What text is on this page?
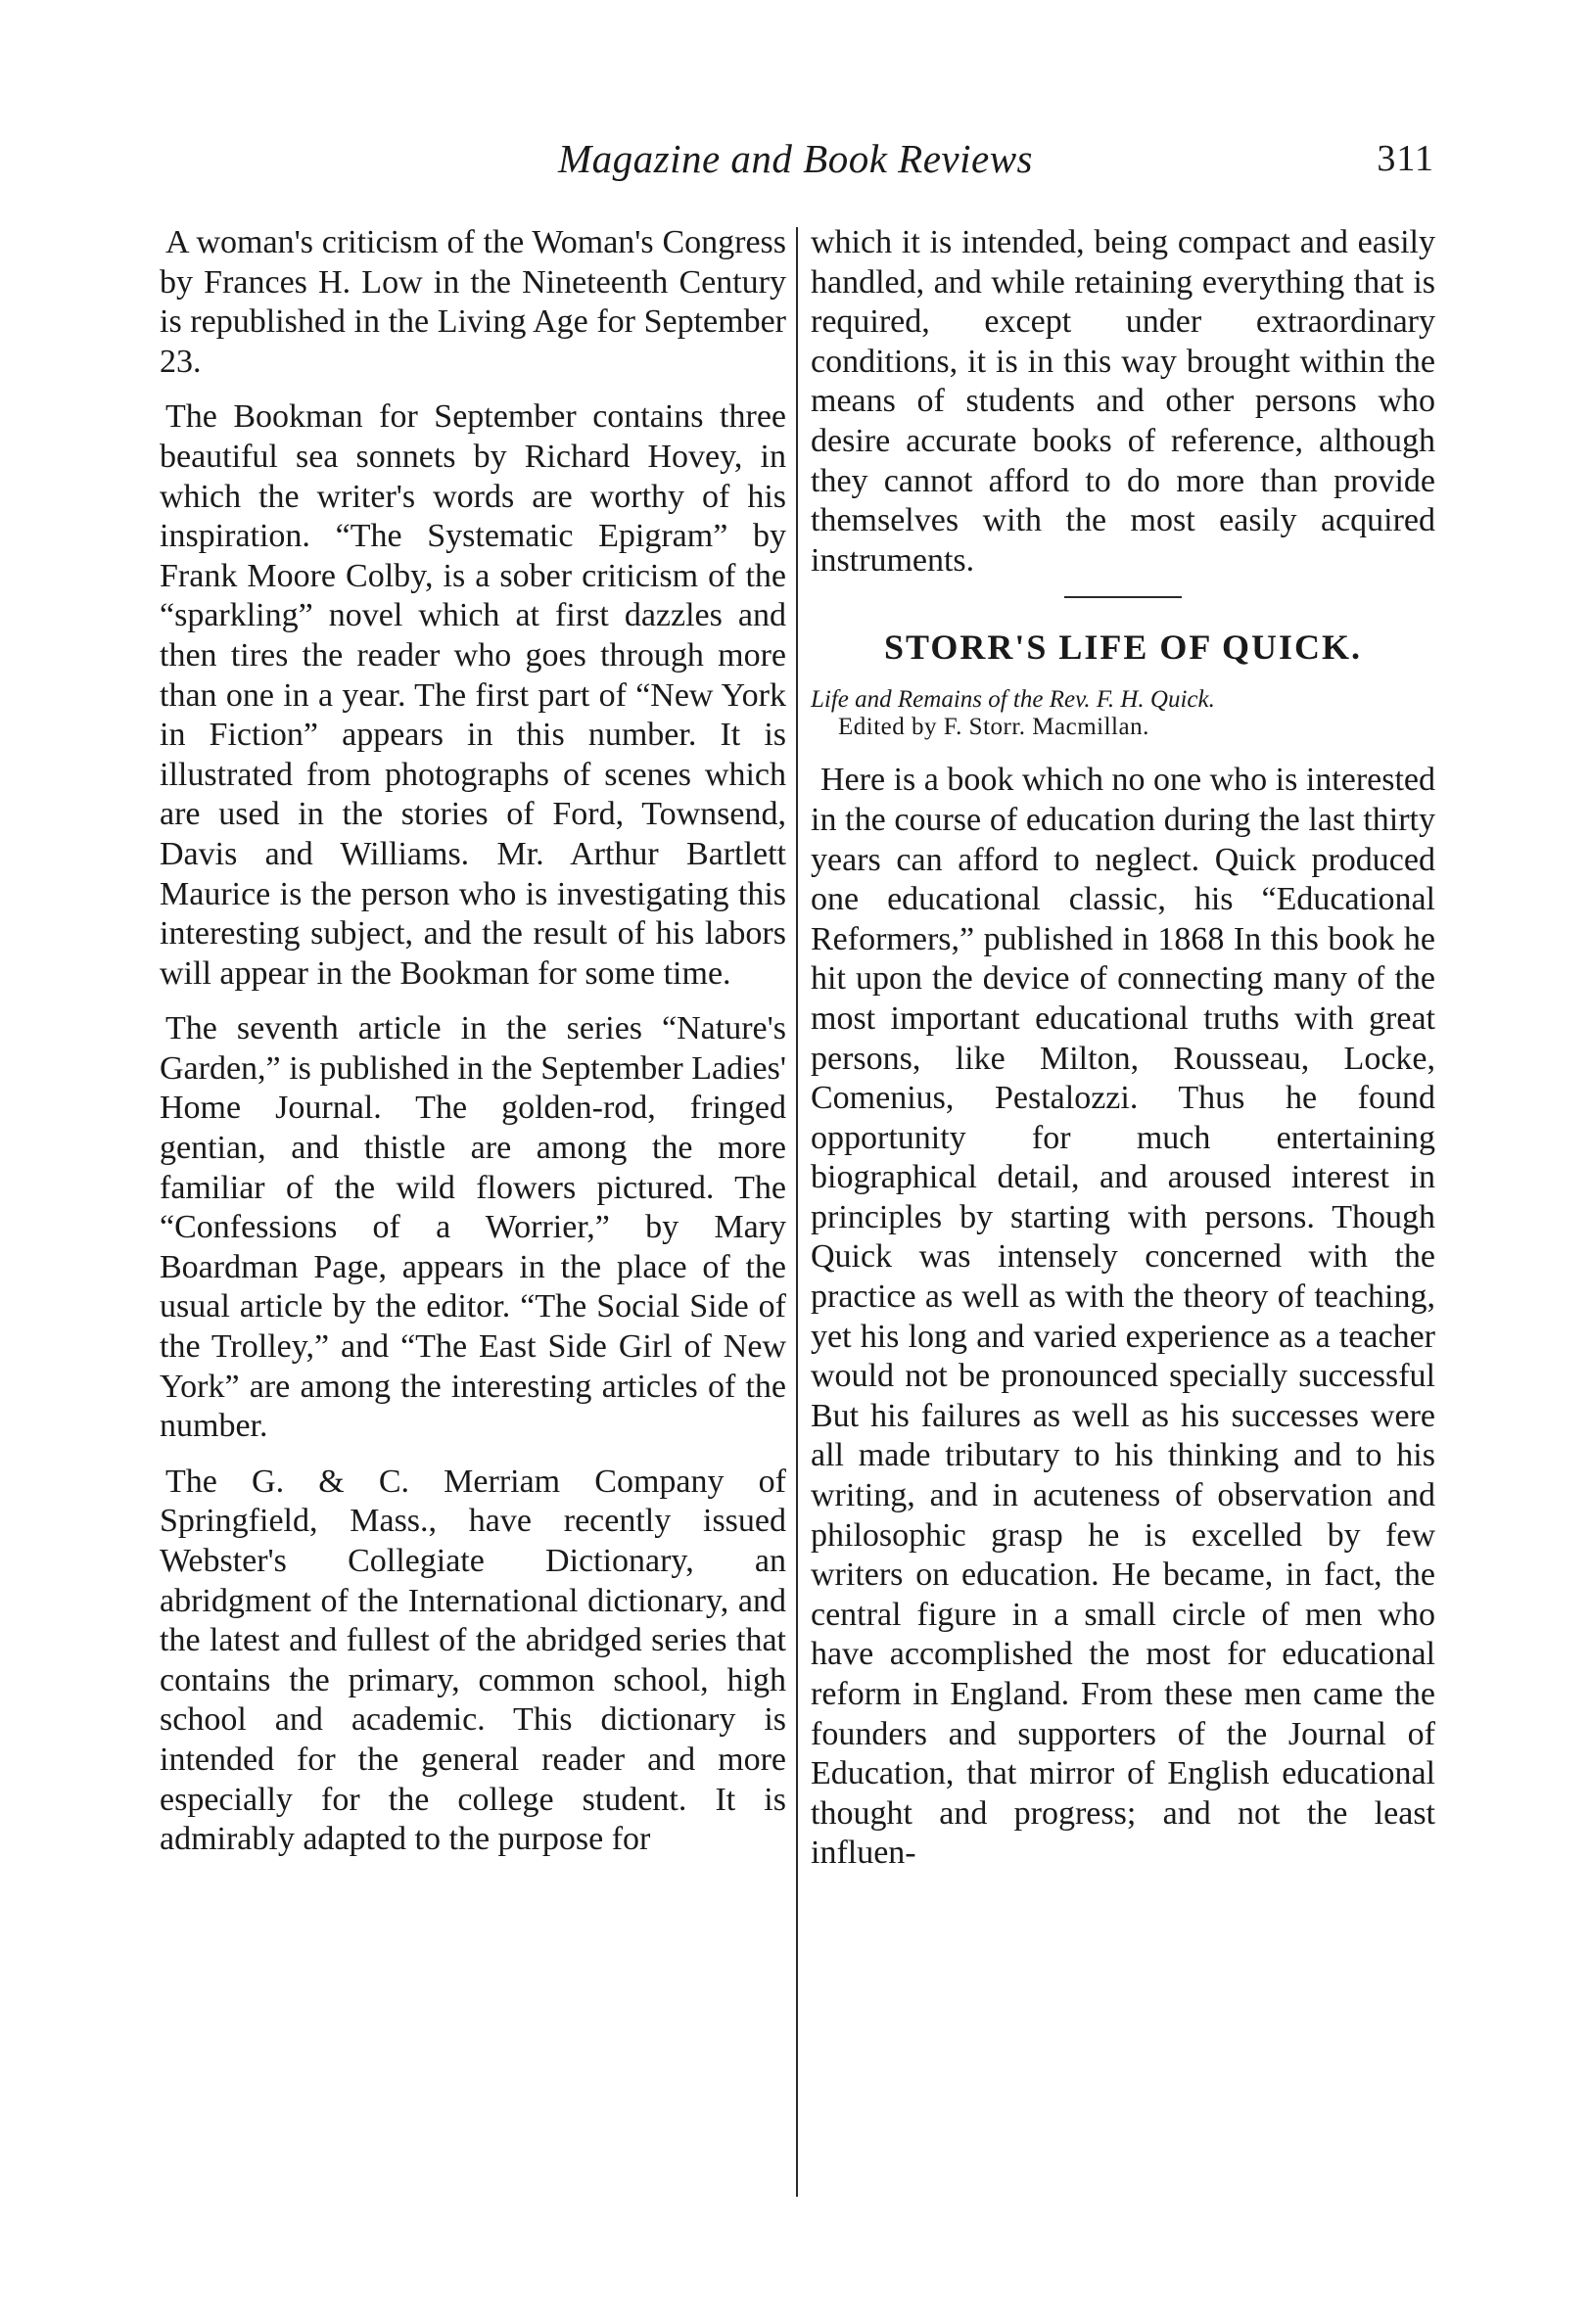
Magazine and Book Reviews	311

A woman's criticism of the Woman's Congress by Frances H. Low in the Nineteenth Century is republished in the Living Age for September 23.

The Bookman for September contains three beautiful sea sonnets by Richard Hovey, in which the writer's words are worthy of his inspiration. “The Systematic Epigram” by Frank Moore Colby, is a sober criticism of the “sparkling” novel which at first dazzles and then tires the reader who goes through more than one in a year. The first part of “New York in Fiction” appears in this number. It is illustrated from photographs of scenes which are used in the stories of Ford, Townsend, Davis and Williams. Mr. Arthur Bartlett Maurice is the person who is investigating this interesting subject, and the result of his labors will appear in the Bookman for some time.

The seventh article in the series “Nature's Garden,” is published in the September Ladies' Home Journal. The golden-rod, fringed gentian, and thistle are among the more familiar of the wild flowers pictured. The “Confessions of a Worrier,” by Mary Boardman Page, appears in the place of the usual article by the editor. “The Social Side of the Trolley,” and “The East Side Girl of New York” are among the interesting articles of the number.

The G. & C. Merriam Company of Springfield, Mass., have recently issued Webster's Collegiate Dictionary, an abridgment of the International dictionary, and the latest and fullest of the abridged series that contains the primary, common school, high school and academic. This dictionary is intended for the general reader and more especially for the college student. It is admirably adapted to the purpose for

which it is intended, being compact and easily handled, and while retaining everything that is required, except under extraordinary conditions, it is in this way brought within the means of students and other persons who desire accurate books of reference, although they cannot afford to do more than provide themselves with the most easily acquired instruments.

STORR'S LIFE OF QUICK.

Life and Remains of the Rev. F. H. Quick.
Edited by F. Storr. Macmillan.

Here is a book which no one who is interested in the course of education during the last thirty years can afford to neglect. Quick produced one educational classic, his “Educational Reformers,” published in 1868 In this book he hit upon the device of connecting many of the most important educational truths with great persons, like Milton, Rousseau, Locke, Comenius, Pestalozzi. Thus he found opportunity for much entertaining biographical detail, and aroused interest in principles by starting with persons. Though Quick was intensely concerned with the practice as well as with the theory of teaching, yet his long and varied experience as a teacher would not be pronounced specially successful But his failures as well as his successes were all made tributary to his thinking and to his writing, and in acuteness of observation and philosophic grasp he is excelled by few writers on education. He became, in fact, the central figure in a small circle of men who have accomplished the most for educational reform in England. From these men came the founders and supporters of the Journal of Education, that mirror of English educational thought and progress; and not the least influen-
